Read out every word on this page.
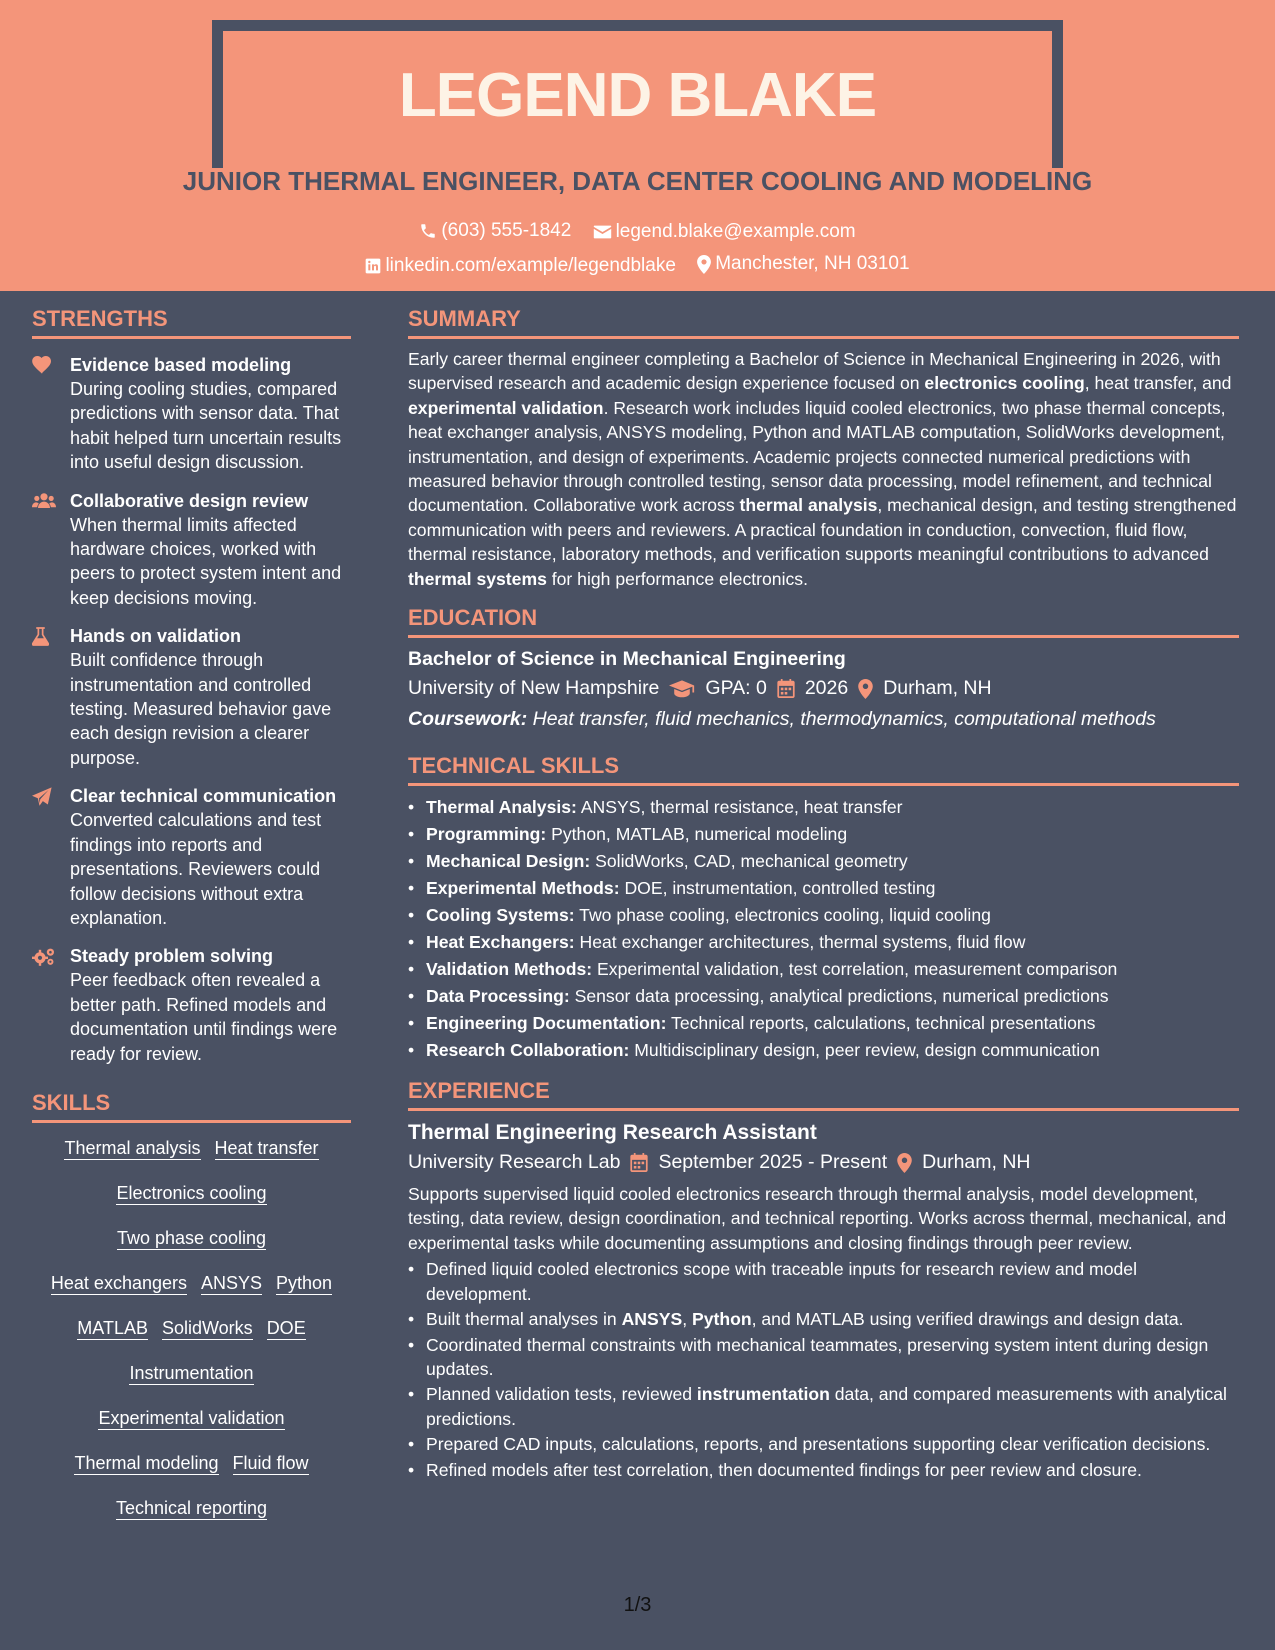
LEGEND BLAKE
JUNIOR THERMAL ENGINEER, DATA CENTER COOLING AND MODELING
(603) 555-1842
legend.blake@example.com
linkedin.com/example/legendblake
Manchester, NH 03101
STRENGTHS
Evidence based modeling
During cooling studies, compared predictions with sensor data. That habit helped turn uncertain results into useful design discussion.
Collaborative design review
When thermal limits affected hardware choices, worked with peers to protect system intent and keep decisions moving.
Hands on validation
Built confidence through instrumentation and controlled testing. Measured behavior gave each design revision a clearer purpose.
Clear technical communication
Converted calculations and test findings into reports and presentations. Reviewers could follow decisions without extra explanation.
Steady problem solving
Peer feedback often revealed a better path. Refined models and documentation until findings were ready for review.
SKILLS
Thermal analysis Heat transfer
Electronics cooling
Two phase cooling
Heat exchangers ANSYS Python
MATLAB SolidWorks DOE
Instrumentation
Experimental validation
Thermal modeling Fluid flow
Technical reporting
SUMMARY

Early career thermal engineer completing a Bachelor of Science in Mechanical Engineering in 2026, with supervised research and academic design experience focused on electronics cooling, heat transfer, and experimental validation. Research work includes liquid cooled electronics, two phase thermal concepts, heat exchanger analysis, ANSYS modeling, Python and MATLAB computation, SolidWorks development, instrumentation, and design of experiments. Academic projects connected numerical predictions with measured behavior through controlled testing, sensor data processing, model refinement, and technical documentation. Collaborative work across thermal analysis, mechanical design, and testing strengthened communication with peers and reviewers. A practical foundation in conduction, convection, fluid flow, thermal resistance, laboratory methods, and verification supports meaningful contributions to advanced thermal systems for high performance electronics.

EDUCATION
Bachelor of Science in Mechanical Engineering
University of New Hampshire GPA: 0 2026 Durham, NH
Coursework: Heat transfer, fluid mechanics, thermodynamics, computational methods
TECHNICAL SKILLS
• Thermal Analysis: ANSYS, thermal resistance, heat transfer
• Programming: Python, MATLAB, numerical modeling
• Mechanical Design: SolidWorks, CAD, mechanical geometry
• Experimental Methods: DOE, instrumentation, controlled testing
• Cooling Systems: Two phase cooling, electronics cooling, liquid cooling
• Heat Exchangers: Heat exchanger architectures, thermal systems, fluid flow
• Validation Methods: Experimental validation, test correlation, measurement comparison
• Data Processing: Sensor data processing, analytical predictions, numerical predictions
• Engineering Documentation: Technical reports, calculations, technical presentations
• Research Collaboration: Multidisciplinary design, peer review, design communication
EXPERIENCE
Thermal Engineering Research Assistant
University Research Lab September 2025 - Present Durham, NH

Supports supervised liquid cooled electronics research through thermal analysis, model development, testing, data review, design coordination, and technical reporting. Works across thermal, mechanical, and experimental tasks while documenting assumptions and closing findings through peer review.

• Defined liquid cooled electronics scope with traceable inputs for research review and model development.
• Built thermal analyses in ANSYS, Python, and MATLAB using verified drawings and design data.
• Coordinated thermal constraints with mechanical teammates, preserving system intent during design updates.
• Planned validation tests, reviewed instrumentation data, and compared measurements with analytical predictions.
• Prepared CAD inputs, calculations, reports, and presentations supporting clear verification decisions.
• Refined models after test correlation, then documented findings for peer review and closure.
1/3
